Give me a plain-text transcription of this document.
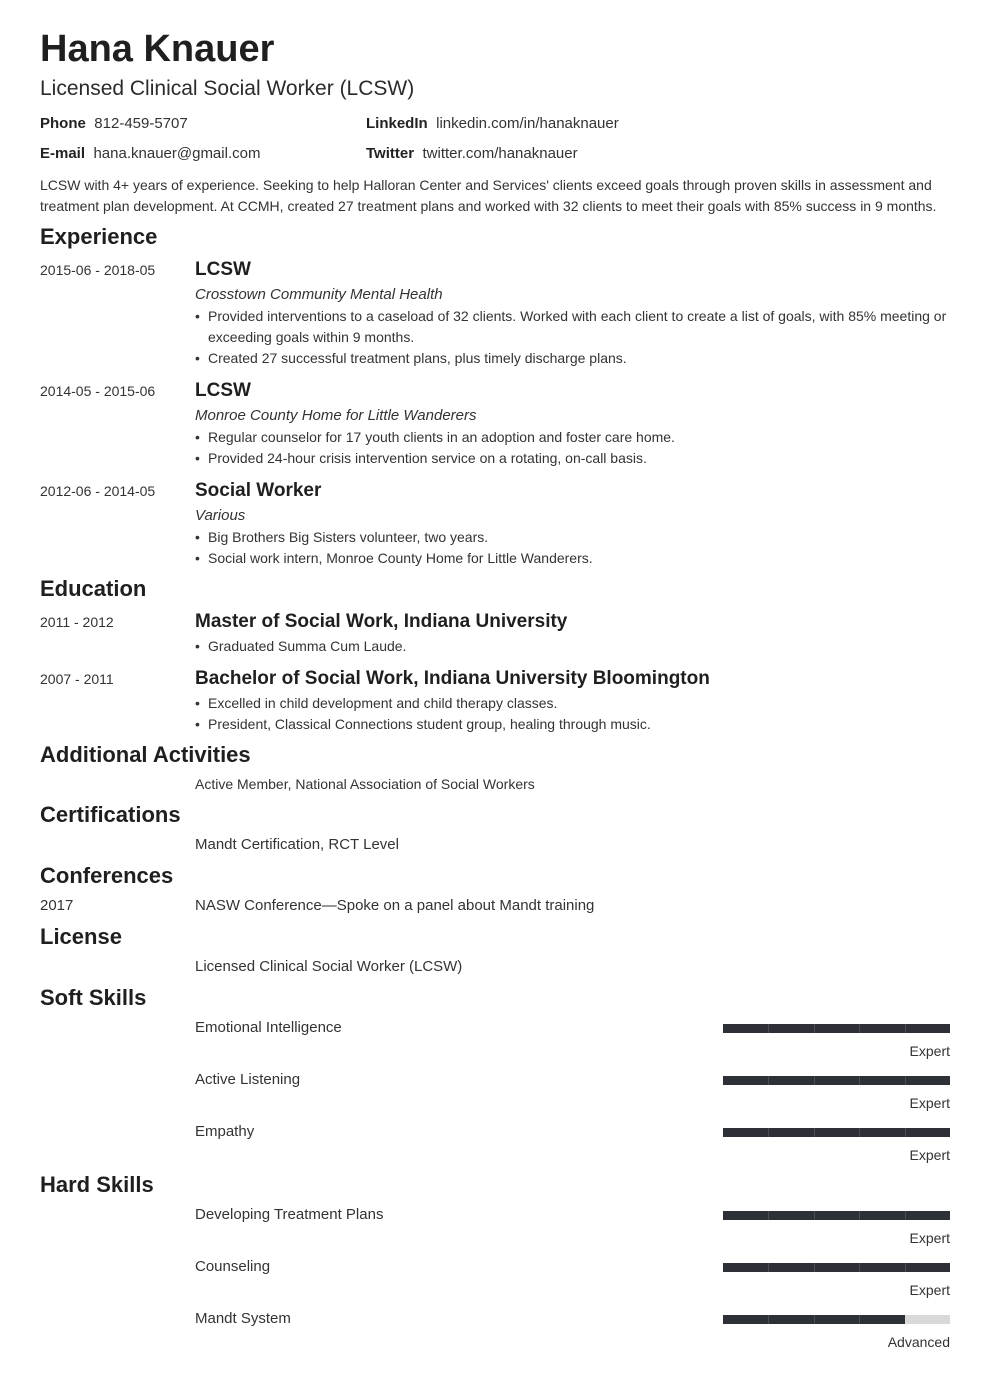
Hana Knauer
Licensed Clinical Social Worker (LCSW)
Phone 812-459-5707
E-mail hana.knauer@gmail.com
LinkedIn linkedin.com/in/hanaknauer
Twitter twitter.com/hanaknauer
LCSW with 4+ years of experience. Seeking to help Halloran Center and Services' clients exceed goals through proven skills in assessment and treatment plan development. At CCMH, created 27 treatment plans and worked with 32 clients to meet their goals with 85% success in 9 months.
Experience
2015-06 - 2018-05 LCSW
Crosstown Community Mental Health
• Provided interventions to a caseload of 32 clients. Worked with each client to create a list of goals, with 85% meeting or exceeding goals within 9 months.
• Created 27 successful treatment plans, plus timely discharge plans.
2014-05 - 2015-06 LCSW
Monroe County Home for Little Wanderers
• Regular counselor for 17 youth clients in an adoption and foster care home.
• Provided 24-hour crisis intervention service on a rotating, on-call basis.
2012-06 - 2014-05 Social Worker
Various
• Big Brothers Big Sisters volunteer, two years.
• Social work intern, Monroe County Home for Little Wanderers.
Education
2011 - 2012	Master of Social Work, Indiana University
• Graduated Summa Cum Laude.
2007 - 2011	Bachelor of Social Work, Indiana University Bloomington
• Excelled in child development and child therapy classes.
• President, Classical Connections student group, healing through music.
Additional Activities
Active Member, National Association of Social Workers
Certifications
Mandt Certification, RCT Level
Conferences
2017	NASW Conference—Spoke on a panel about Mandt training
License
Licensed Clinical Social Worker (LCSW)
Soft Skills
Emotional Intelligence
Expert
Active Listening
Expert
Empathy
Expert
Hard Skills
Developing Treatment Plans
Expert
Counseling
Expert
Mandt System
Advanced
